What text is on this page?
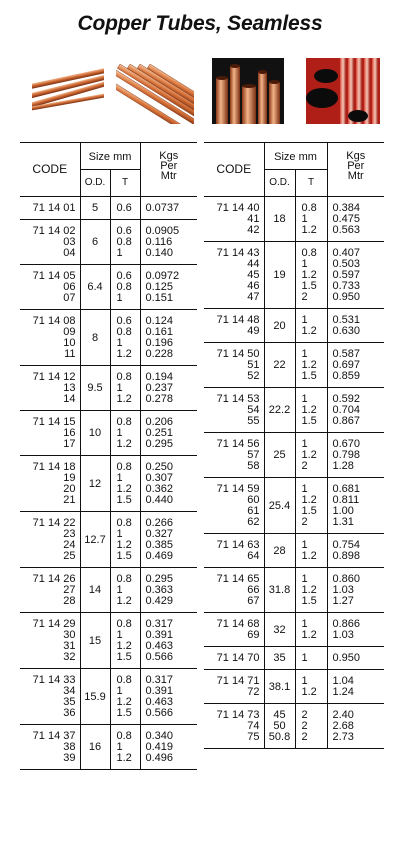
Copper Tubes, Seamless
CODE	Size mm		Kgs
Per
Mtr

	O.D.	T	

71 14 01	5	0.6	0.0737

71 14 02
03
04	6	0.6
0.8
1	0.0905
0.116
0.140

71 14 05
06
07	6.4	0.6
0.8
1	0.0972
0.125
0.151

71 14 08
09
10
11	8	0.6
0.8
1
1.2	0.124
0.161
0.196
0.228

71 14 12
13
14	9.5	0.8
1
1.2	0.194
0.237
0.278

71 14 15
16
17	10	0.8
1
1.2	0.206
0.251
0.295

71 14 18
19
20
21	12	0.8
1
1.2
1.5	0.250
0.307
0.362
0.440

71 14 22
23
24
25	12.7	0.8
1
1.2
1.5	0.266
0.327
0.385
0.469

71 14 26
27
28	14	0.8
1
1.2	0.295
0.363
0.429

71 14 29
30
31
32	15	0.8
1
1.2
1.5	0.317
0.391
0.463
0.566

71 14 33
34
35
36	15.9	0.8
1
1.2
1.5	0.317
0.391
0.463
0.566

71 14 37
38
39	16	0.8
1
1.2	0.340
0.419
0.496
CODE	Size mm		Kgs
Per
Mtr

	O.D.	T	

71 14 40
41
42	18	0.8
1
1.2	0.384
0.475
0.563

71 14 43
44
45
46
47	19	0.8
1
1.2
1.5
2	0.407
0.503
0.597
0.733
0.950

71 14 48
49	20	1
1.2	0.531
0.630

71 14 50
51
52	22	1
1.2
1.5	0.587
0.697
0.859

71 14 53
54
55	22.2	1
1.2
1.5	0.592
0.704
0.867

71 14 56
57
58	25	1
1.2
2	0.670
0.798
1.28

71 14 59
60
61
62	25.4	1
1.2
1.5
2	0.681
0.811
1.00
1.31

71 14 63
64	28	1
1.2	0.754
0.898

71 14 65
66
67	31.8	1
1.2
1.5	0.860
1.03
1.27

71 14 68
69	32	1
1.2	0.866
1.03

71 14 70	35	1	0.950

71 14 71
72	38.1	1
1.2	1.04
1.24

71 14 73
74
75	45
50
50.8	2
2
2	2.40
2.68
2.73
